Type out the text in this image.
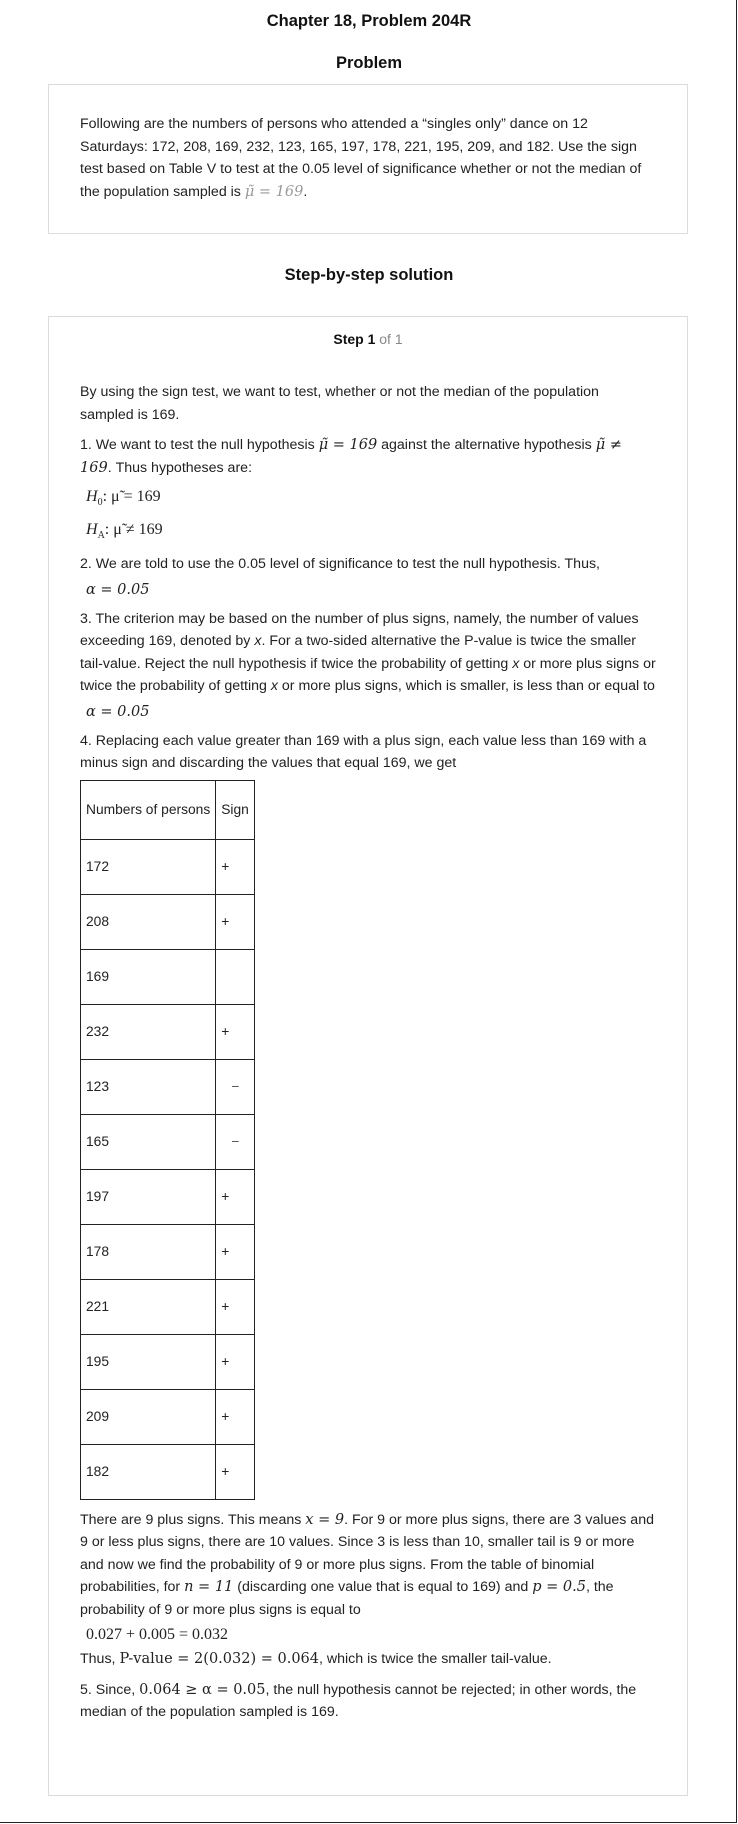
Chapter 18, Problem 204R
Problem

Following are the numbers of persons who attended a “singles only” dance on 12 Saturdays: 172, 208, 169, 232, 123, 165, 197, 178, 221, 195, 209, and 182. Use the sign test based on Table V to test at the 0.05 level of significance whether or not the median of the population sampled is μ̃ = 169.

Step-by-step solution
Step 1 of 1

By using the sign test, we want to test, whether or not the median of the population sampled is 169.

1. We want to test the null hypothesis μ̃ = 169 against the alternative hypothesis μ̃ ≠ 169. Thus hypotheses are:

$H_0$: μ̃ = 169
$H_A$: μ̃ ≠ 169

2. We are told to use the 0.05 level of significance to test the null hypothesis. Thus,

α = 0.05

3. The criterion may be based on the number of plus signs, namely, the number of values exceeding 169, denoted by x. For a two-sided alternative the P-value is twice the smaller tail-value. Reject the null hypothesis if twice the probability of getting x or more plus signs or twice the probability of getting x or more plus signs, which is smaller, is less than or equal to

α = 0.05

4. Replacing each value greater than 169 with a plus sign, each value less than 169 with a minus sign and discarding the values that equal 169, we get

Numbers of persons	Sign
172	+
208	+
169	
232	+
123	−
165	−
197	+
178	+
221	+
195	+
209	+
182	+

There are 9 plus signs. This means x = 9. For 9 or more plus signs, there are 3 values and 9 or less plus signs, there are 10 values. Since 3 is less than 10, smaller tail is 9 or more and now we find the probability of 9 or more plus signs. From the table of binomial probabilities, for n = 11 (discarding one value that is equal to 169) and p = 0.5, the probability of 9 or more plus signs is equal to

0.027 + 0.005 = 0.032

Thus, P-value = 2(0.032) = 0.064, which is twice the smaller tail-value.

5. Since, 0.064 ≥ α = 0.05, the null hypothesis cannot be rejected; in other words, the median of the population sampled is 169.
